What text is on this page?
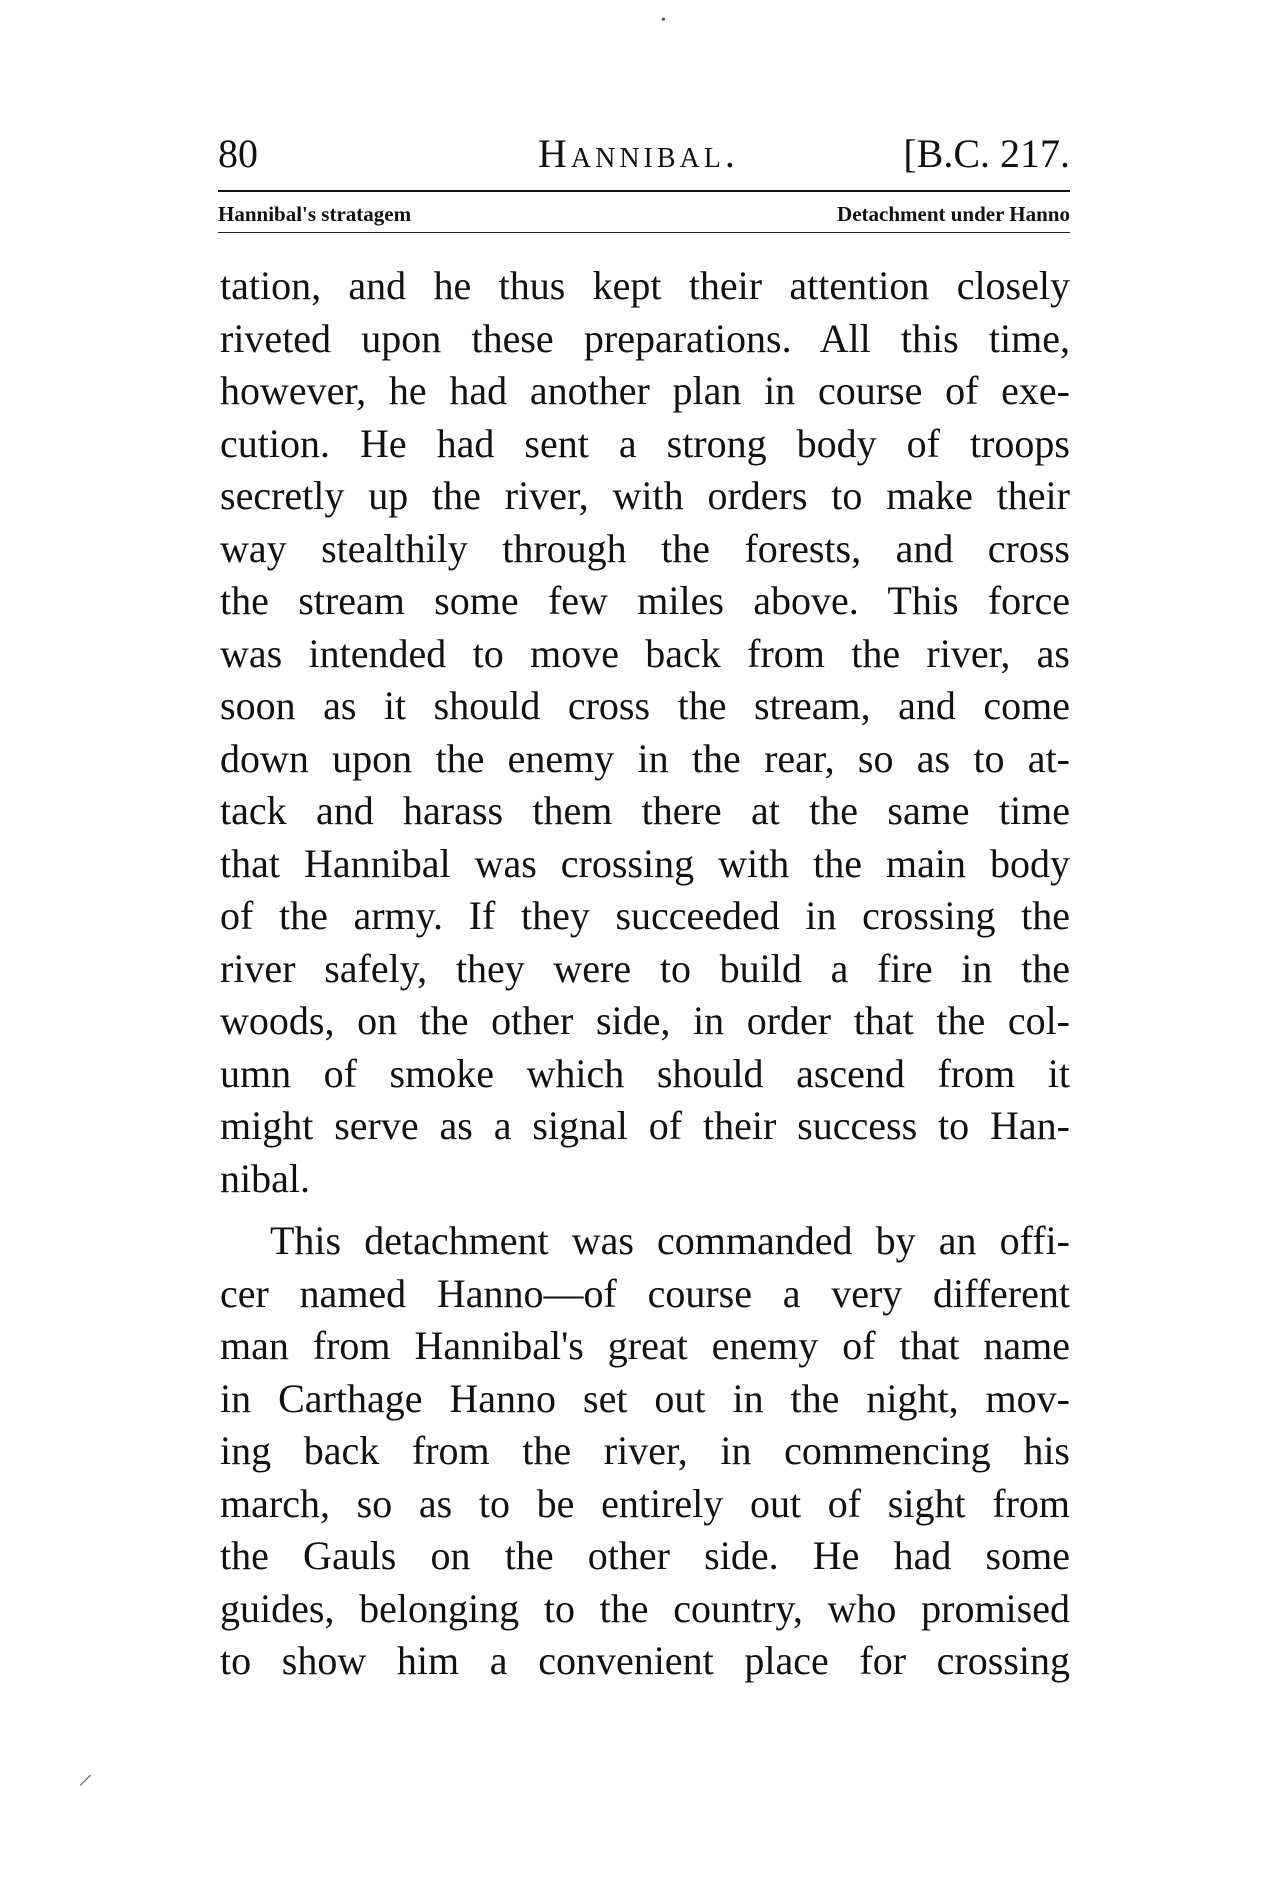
•
80	Hannibal.	[B.C. 217.
Hannibal's stratagem	Detachment under Hanno
tation, and he thus kept their attention closely
riveted upon these preparations. All this time,
however, he had another plan in course of exe-
cution. He had sent a strong body of troops
secretly up the river, with orders to make their
way stealthily through the forests, and cross
the stream some few miles above. This force
was intended to move back from the river, as
soon as it should cross the stream, and come
down upon the enemy in the rear, so as to at-
tack and harass them there at the same time
that Hannibal was crossing with the main body
of the army. If they succeeded in crossing the
river safely, they were to build a fire in the
woods, on the other side, in order that the col-
umn of smoke which should ascend from it
might serve as a signal of their success to Han-
nibal.
This detachment was commanded by an offi-
cer named Hanno—of course a very different
man from Hannibal's great enemy of that name
in Carthage Hanno set out in the night, mov-
ing back from the river, in commencing his
march, so as to be entirely out of sight from
the Gauls on the other side. He had some
guides, belonging to the country, who promised
to show him a convenient place for crossing
|
